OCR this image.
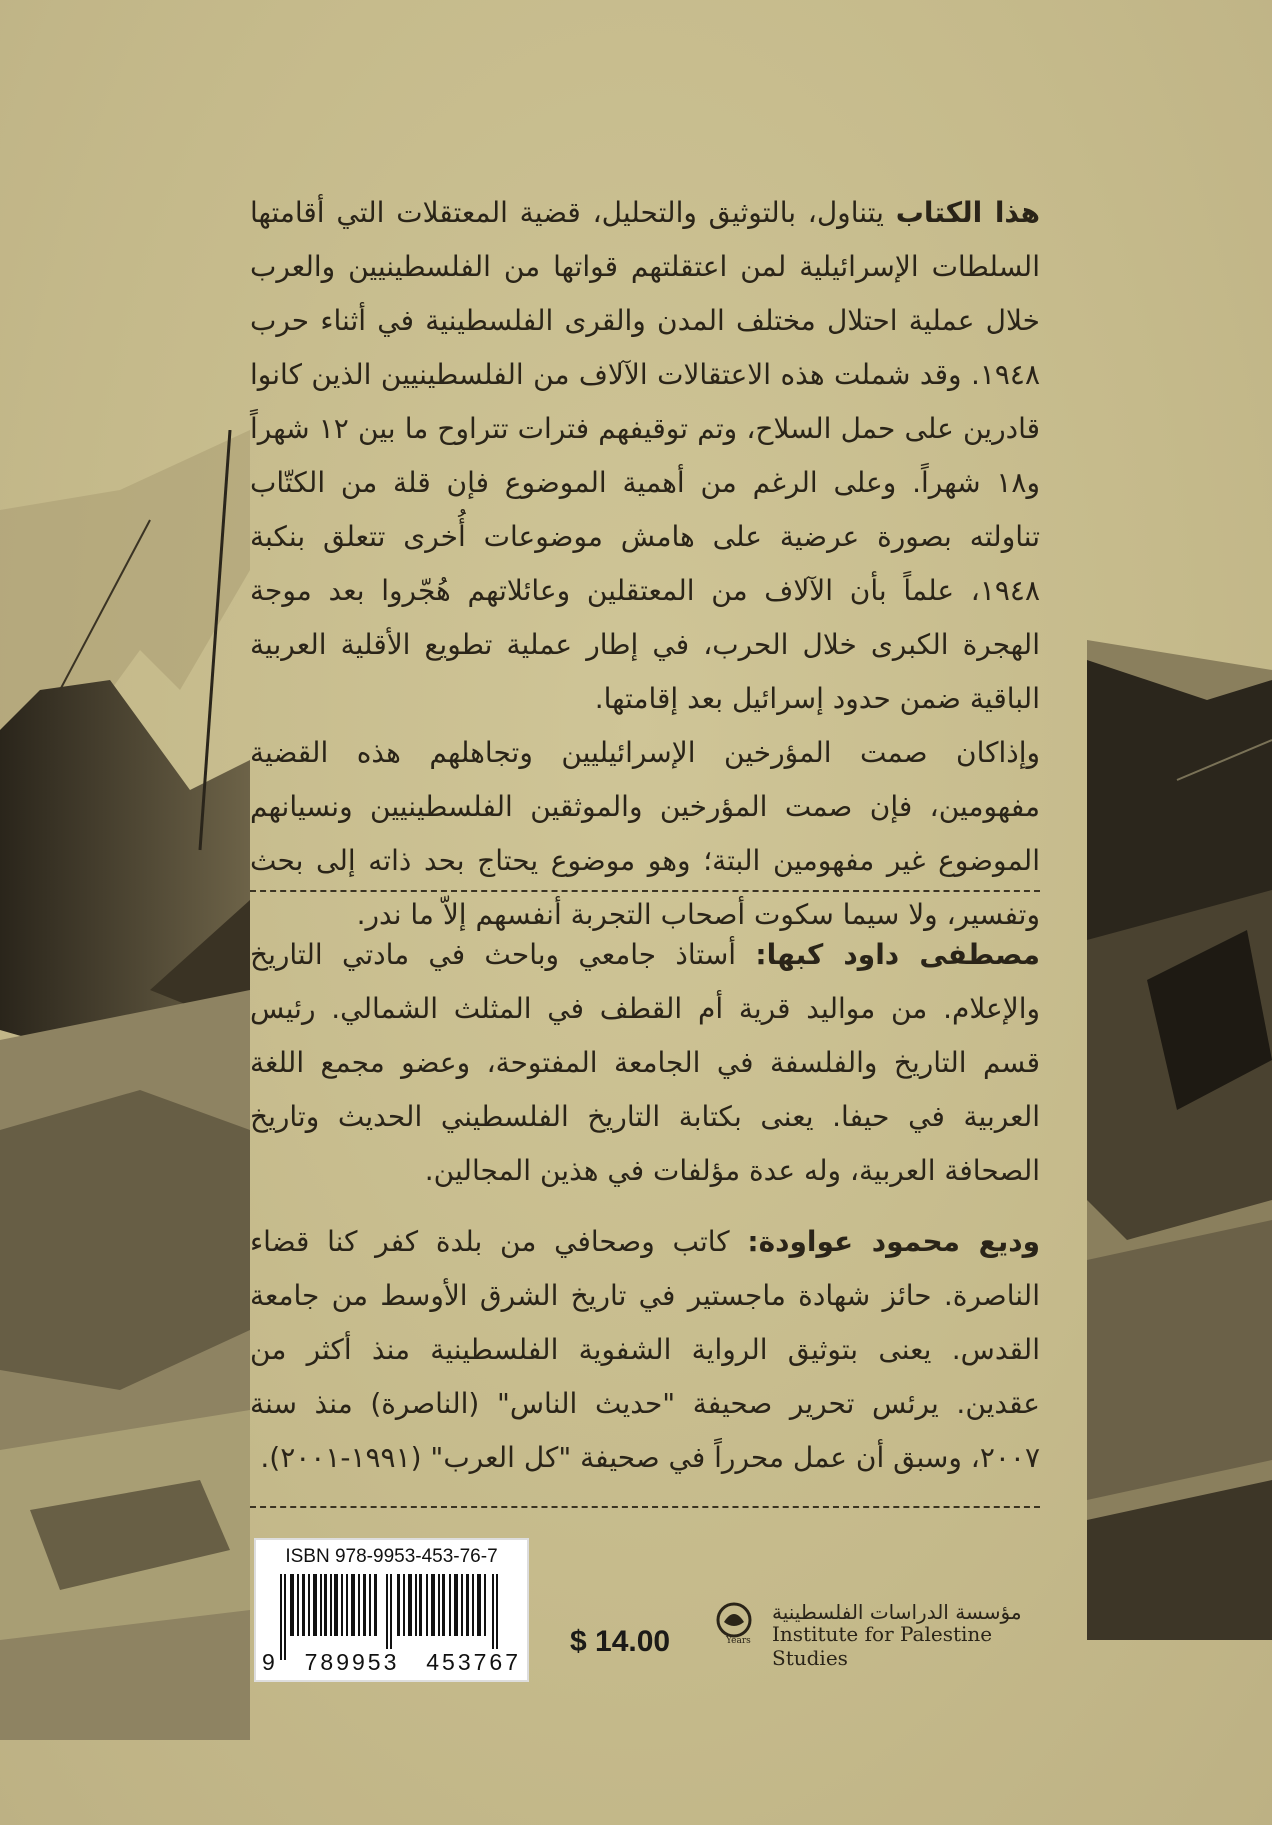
هذا الكتاب يتناول، بالتوثيق والتحليل، قضية المعتقلات التي أقامتها السلطات الإسرائيلية لمن اعتقلتهم قواتها من الفلسطينيين والعرب خلال عملية احتلال مختلف المدن والقرى الفلسطينية في أثناء حرب ١٩٤٨. وقد شملت هذه الاعتقالات الآلاف من الفلسطينيين الذين كانوا قادرين على حمل السلاح، وتم توقيفهم فترات تتراوح ما بين ١٢ شهراً و١٨ شهراً. وعلى الرغم من أهمية الموضوع فإن قلة من الكتّاب تناولته بصورة عرضية على هامش موضوعات أُخرى تتعلق بنكبة ١٩٤٨، علماً بأن الآلاف من المعتقلين وعائلاتهم هُجّروا بعد موجة الهجرة الكبرى خلال الحرب، في إطار عملية تطويع الأقلية العربية الباقية ضمن حدود إسرائيل بعد إقامتها.

وإذاكان صمت المؤرخين الإسرائيليين وتجاهلهم هذه القضية مفهومين، فإن صمت المؤرخين والموثقين الفلسطينيين ونسيانهم الموضوع غير مفهومين البتة؛ وهو موضوع يحتاج بحد ذاته إلى بحث وتفسير، ولا سيما سكوت أصحاب التجربة أنفسهم إلاّ ما ندر.

مصطفى داود كبها: أستاذ جامعي وباحث في مادتي التاريخ والإعلام. من مواليد قرية أم القطف في المثلث الشمالي. رئيس قسم التاريخ والفلسفة في الجامعة المفتوحة، وعضو مجمع اللغة العربية في حيفا. يعنى بكتابة التاريخ الفلسطيني الحديث وتاريخ الصحافة العربية، وله عدة مؤلفات في هذين المجالين.

وديع محمود عواودة: كاتب وصحافي من بلدة كفر كنا قضاء الناصرة. حائز شهادة ماجستير في تاريخ الشرق الأوسط من جامعة القدس. يعنى بتوثيق الرواية الشفوية الفلسطينية منذ أكثر من عقدين. يرئس تحرير صحيفة "حديث الناس" (الناصرة) منذ سنة ٢٠٠٧، وسبق أن عمل محرراً في صحيفة "كل العرب" (١٩٩١-٢٠٠١).

ISBN 978-9953-453-76-7
9 789953 453767
$ 14.00	Years
مؤسسة الدراسات الفلسطينية
Institute for Palestine Studies
